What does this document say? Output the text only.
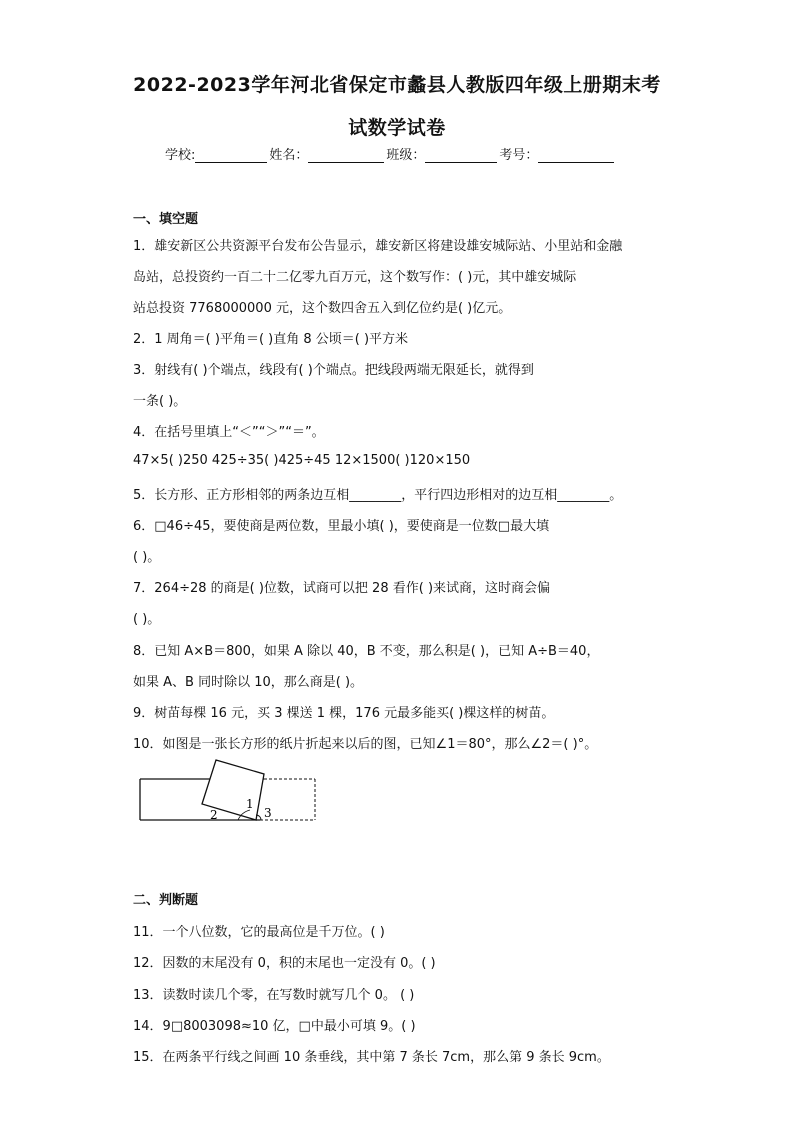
2022-2023学年河北省保定市蠡县人教版四年级上册期末考
试数学试卷
学校:	姓名：	班级：	考号：
一、填空题
1．雄安新区公共资源平台发布公告显示，雄安新区将建设雄安城际站、小里站和金融
岛站，总投资约一百二十二亿零九百万元，这个数写作：( )元，其中雄安城际
站总投资 7768000000 元，这个数四舍五入到亿位约是( )亿元。
2．1 周角＝( )平角＝( )直角 8 公顷＝( )平方米
3．射线有( )个端点，线段有( )个端点。把线段两端无限延长，就得到
一条( )。
4．在括号里填上“＜”“＞”“＝”。
47×5( )250 425÷35( )425÷45 12×1500( )120×150
5．长方形、正方形相邻的两条边互相________，平行四边形相对的边互相________。
6．□46÷45，要使商是两位数，里最小填( )，要使商是一位数□最大填
( )。
7．264÷28 的商是( )位数，试商可以把 28 看作( )来试商，这时商会偏
( )。
8．已知 A×B＝800，如果 A 除以 40，B 不变，那么积是( )，已知 A÷B＝40，
如果 A、B 同时除以 10，那么商是( )。
9．树苗每棵 16 元，买 3 棵送 1 棵，176 元最多能买( )棵这样的树苗。
10．如图是一张长方形的纸片折起来以后的图，已知∠1＝80°，那么∠2＝( )°。
1
2	3
二、判断题
11．一个八位数，它的最高位是千万位。( )
12．因数的末尾没有 0，积的末尾也一定没有 0。( )
13．读数时读几个零，在写数时就写几个 0。 ( )
14．9□8003098≈10 亿，□中最小可填 9。( )
15．在两条平行线之间画 10 条垂线，其中第 7 条长 7cm，那么第 9 条长 9cm。
